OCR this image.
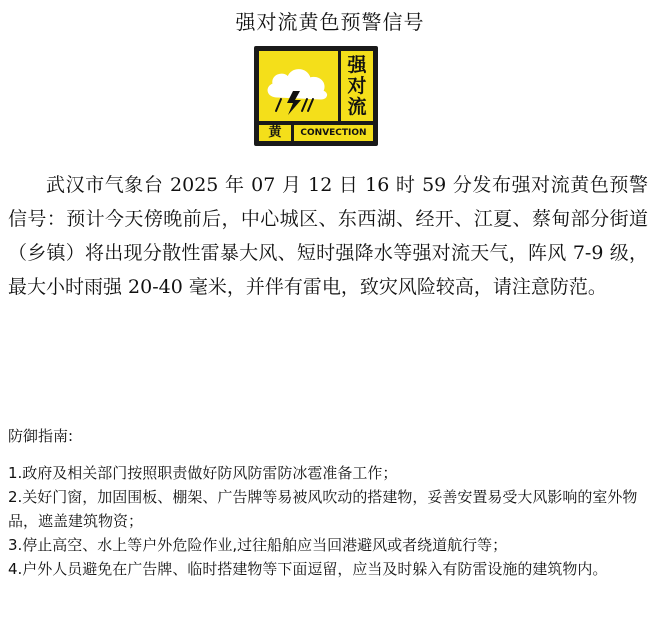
强对流黄色预警信号
强
对
流
黄	CONVECTION

武汉市气象台 2025 年 07 月 12 日 16 时 59 分发布强对流黄色预警信号：预计今天傍晚前后，中心城区、东西湖、经开、江夏、蔡甸部分街道（乡镇）将出现分散性雷暴大风、短时强降水等强对流天气，阵风 7-9 级，最大小时雨强 20-40 毫米，并伴有雷电，致灾风险较高，请注意防范。

防御指南:
1.政府及相关部门按照职责做好防风防雷防冰雹准备工作；
2.关好门窗，加固围板、棚架、广告牌等易被风吹动的搭建物，妥善安置易受大风影响的室外物品，遮盖建筑物资；
3.停止高空、水上等户外危险作业,过往船舶应当回港避风或者绕道航行等；
4.户外人员避免在广告牌、临时搭建物等下面逗留，应当及时躲入有防雷设施的建筑物内。
